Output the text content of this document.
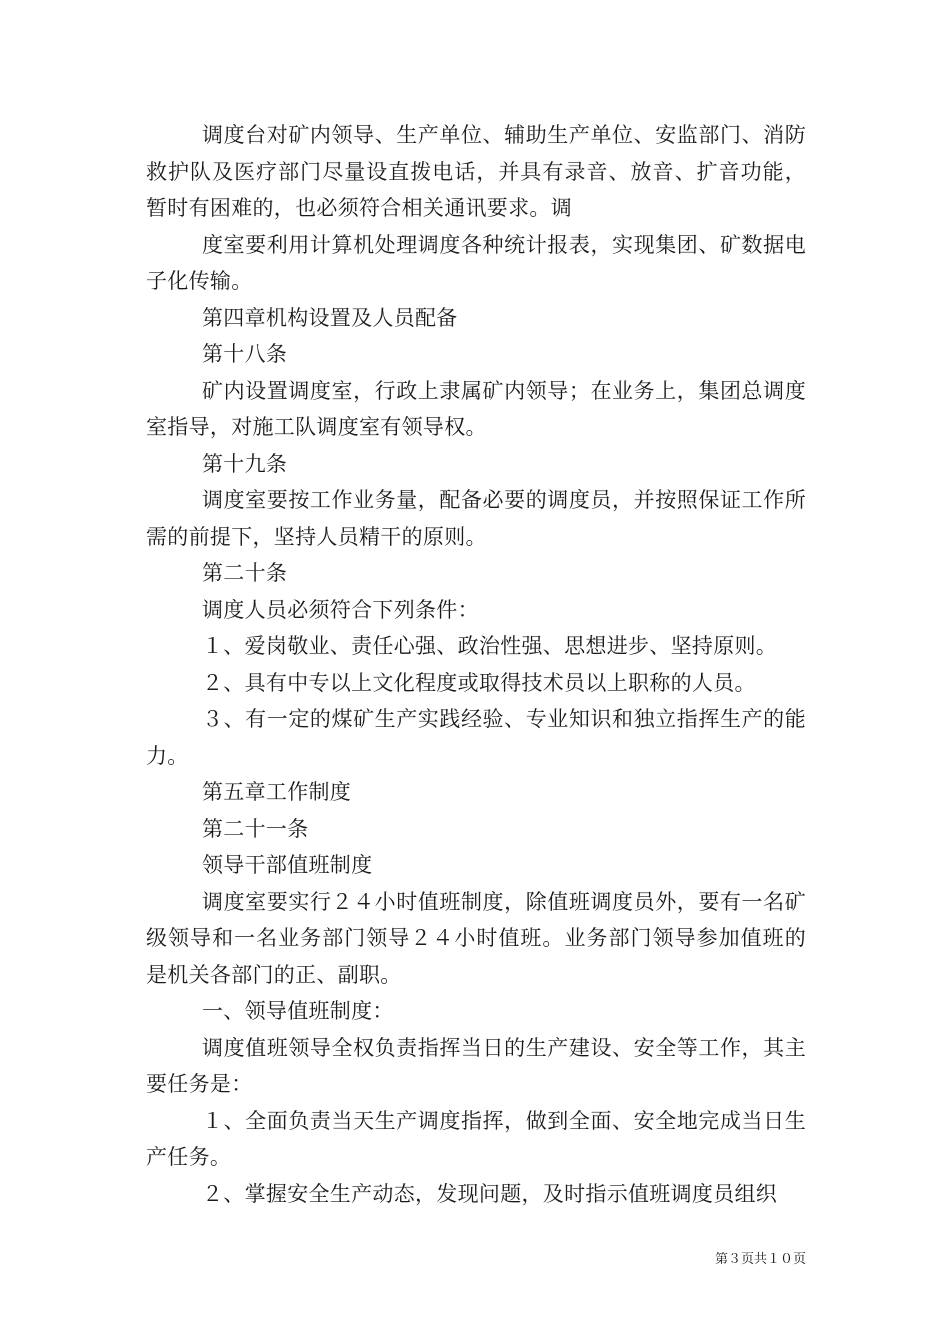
调度台对矿内领导、生产单位、辅助生产单位、安监部门、消防救护队及医疗部门尽量设直拨电话，并具有录音、放音、扩音功能，暂时有困难的，也必须符合相关通讯要求。调

度室要利用计算机处理调度各种统计报表，实现集团、矿数据电子化传输。

第四章机构设置及人员配备

第十八条

矿内设置调度室，行政上隶属矿内领导；在业务上，集团总调度室指导，对施工队调度室有领导权。

第十九条

调度室要按工作业务量，配备必要的调度员，并按照保证工作所需的前提下，坚持人员精干的原则。

第二十条

调度人员必须符合下列条件：

１、爱岗敬业、责任心强、政治性强、思想进步、坚持原则。

２、具有中专以上文化程度或取得技术员以上职称的人员。

３、有一定的煤矿生产实践经验、专业知识和独立指挥生产的能力。

第五章工作制度

第二十一条

领导干部值班制度

调度室要实行２４小时值班制度，除值班调度员外，要有一名矿级领导和一名业务部门领导２４小时值班。业务部门领导参加值班的是机关各部门的正、副职。

一、领导值班制度：

调度值班领导全权负责指挥当日的生产建设、安全等工作，其主要任务是：

１、全面负责当天生产调度指挥，做到全面、安全地完成当日生产任务。

２、掌握安全生产动态，发现问题，及时指示值班调度员组织

第３页共１０页
